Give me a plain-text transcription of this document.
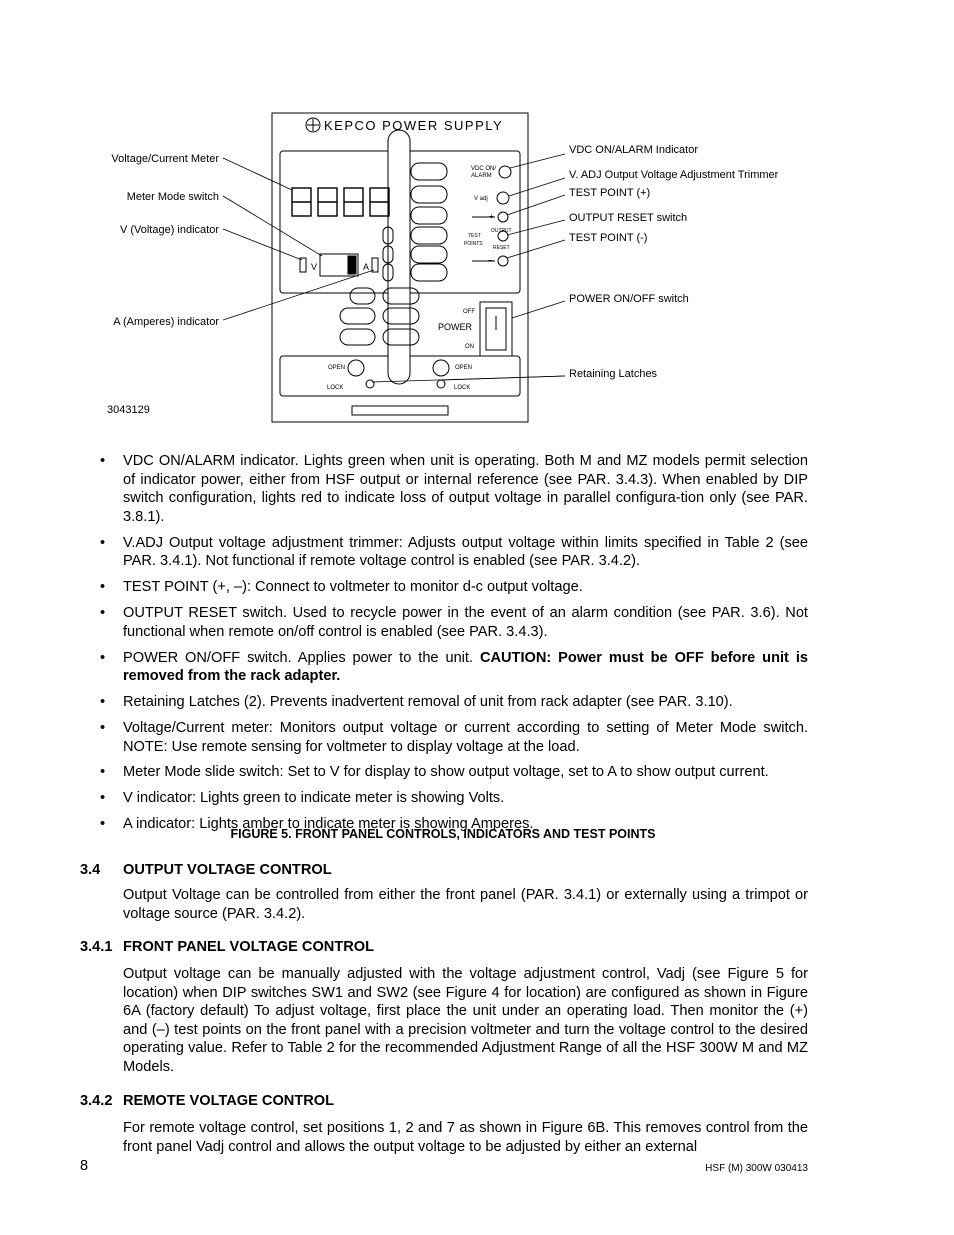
KEPCO POWER SUPPLY
VDC ON/
ALARM
V adj
+
TEST
POINTS
OUTPUT
RESET
−
OFF
POWER
ON
OPEN
LOCK
OPEN
LOCK
V	A
Voltage/Current Meter
Meter Mode switch
V (Voltage) indicator
A (Amperes) indicator
VDC ON/ALARM Indicator
V. ADJ Output Voltage Adjustment Trimmer
TEST POINT (+)
OUTPUT RESET switch
TEST POINT (-)
POWER ON/OFF switch
Retaining Latches
3043129
• VDC ON/ALARM indicator. Lights green when unit is operating. Both M and MZ models permit selection of indicator power, either from HSF output or internal reference (see PAR. 3.4.3). When enabled by DIP switch configuration, lights red to indicate loss of output voltage in parallel configura-tion only (see PAR. 3.8.1).
• V.ADJ Output voltage adjustment trimmer: Adjusts output voltage within limits specified in Table 2 (see PAR. 3.4.1). Not functional if remote voltage control is enabled (see PAR. 3.4.2).
• TEST POINT (+, –): Connect to voltmeter to monitor d-c output voltage.
• OUTPUT RESET switch. Used to recycle power in the event of an alarm condition (see PAR. 3.6). Not functional when remote on/off control is enabled (see PAR. 3.4.3).
• POWER ON/OFF switch. Applies power to the unit. CAUTION: Power must be OFF before unit is removed from the rack adapter.
• Retaining Latches (2). Prevents inadvertent removal of unit from rack adapter (see PAR. 3.10).
• Voltage/Current meter: Monitors output voltage or current according to setting of Meter Mode switch. NOTE: Use remote sensing for voltmeter to display voltage at the load.
• Meter Mode slide switch: Set to V for display to show output voltage, set to A to show output current.
• V indicator: Lights green to indicate meter is showing Volts.
• A indicator: Lights amber to indicate meter is showing Amperes.
FIGURE 5. FRONT PANEL CONTROLS, INDICATORS AND TEST POINTS
3.4 OUTPUT VOLTAGE CONTROL
Output Voltage can be controlled from either the front panel (PAR. 3.4.1) or externally using a trimpot or voltage source (PAR. 3.4.2).
3.4.1 FRONT PANEL VOLTAGE CONTROL
Output voltage can be manually adjusted with the voltage adjustment control, Vadj (see Figure 5 for location) when DIP switches SW1 and SW2 (see Figure 4 for location) are configured as shown in Figure 6A (factory default) To adjust voltage, first place the unit under an operating load. Then monitor the (+) and (–) test points on the front panel with a precision voltmeter and turn the voltage control to the desired operating value. Refer to Table 2 for the recommended Adjustment Range of all the HSF 300W M and MZ Models.
3.4.2 REMOTE VOLTAGE CONTROL
For remote voltage control, set positions 1, 2 and 7 as shown in Figure 6B. This removes control from the front panel Vadj control and allows the output voltage to be adjusted by either an external
8	HSF (M) 300W 030413
